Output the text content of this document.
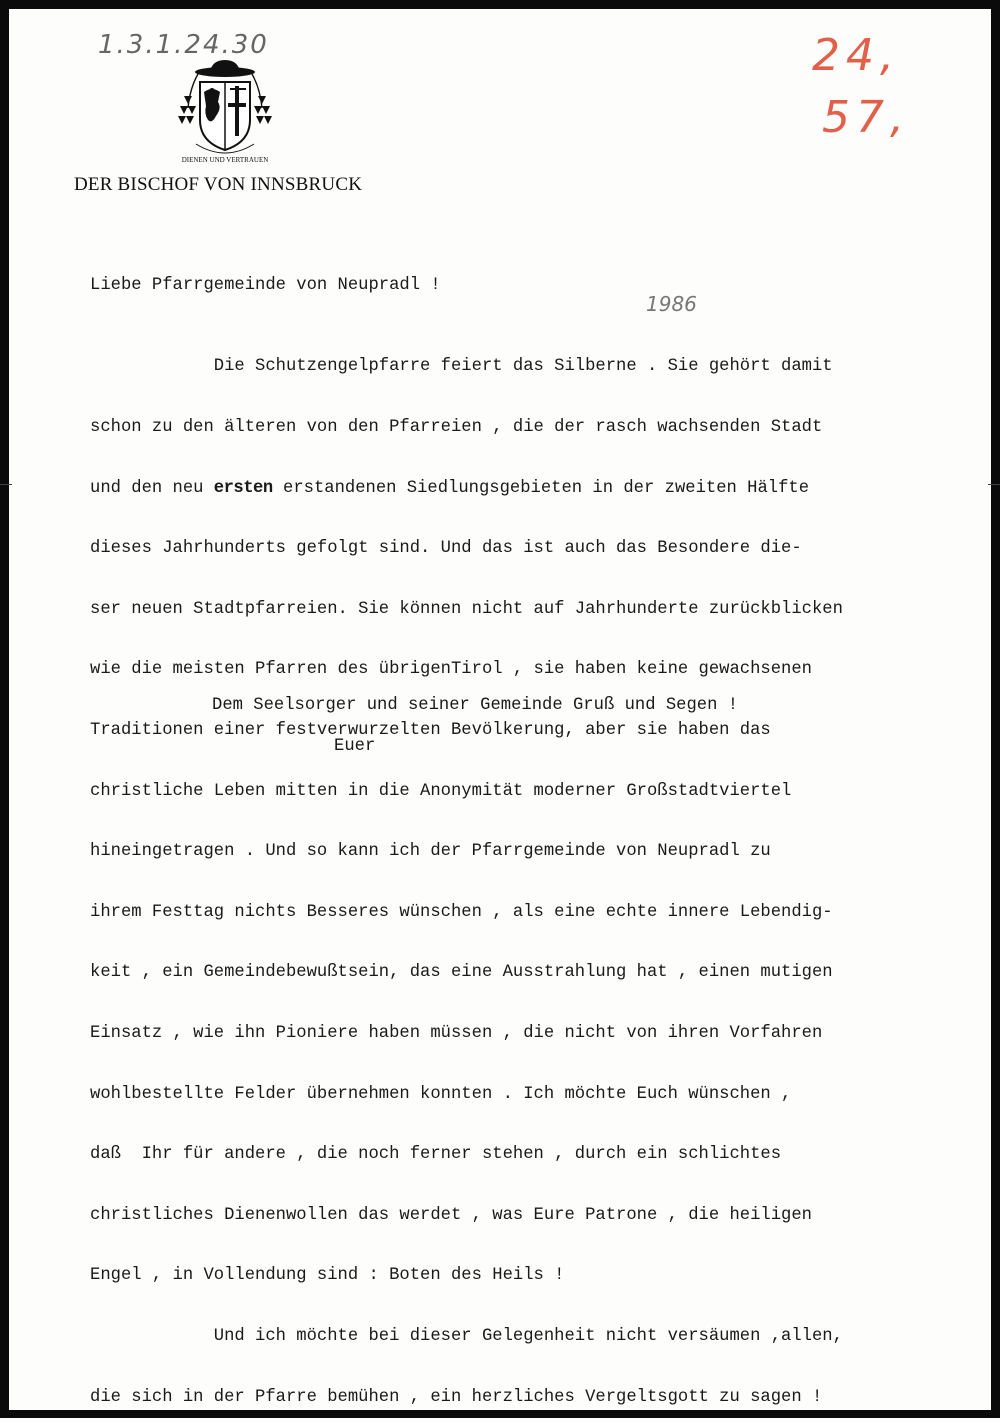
1.3.1.24.30	24,
57,
1986
DIENEN UND VERTRAUEN
DER BISCHOF VON INNSBRUCK
Liebe Pfarrgemeinde von Neupradl !

Die Schutzengelpfarre feiert das Silberne . Sie gehört damit

schon zu den älteren von den Pfarreien , die der rasch wachsenden Stadt

und den neu ersten erstandenen Siedlungsgebieten in der zweiten Hälfte

dieses Jahrhunderts gefolgt sind. Und das ist auch das Besondere die-

ser neuen Stadtpfarreien. Sie können nicht auf Jahrhunderte zurückblicken

wie die meisten Pfarren des übrigenTirol , sie haben keine gewachsenen

Traditionen einer festverwurzelten Bevölkerung, aber sie haben das

christliche Leben mitten in die Anonymität moderner Großstadtviertel

hineingetragen . Und so kann ich der Pfarrgemeinde von Neupradl zu

ihrem Festtag nichts Besseres wünschen , als eine echte innere Lebendig-

keit , ein Gemeindebewußtsein, das eine Ausstrahlung hat , einen mutigen

Einsatz , wie ihn Pioniere haben müssen , die nicht von ihren Vorfahren

wohlbestellte Felder übernehmen konnten . Ich möchte Euch wünschen ,

daß  Ihr für andere , die noch ferner stehen , durch ein schlichtes

christliches Dienenwollen das werdet , was Eure Patrone , die heiligen

Engel , in Vollendung sind : Boten des Heils !

Und ich möchte bei dieser Gelegenheit nicht versäumen ,allen,

die sich in der Pfarre bemühen , ein herzliches Vergeltsgott zu sagen !

Dem Seelsorger und seiner Gemeinde Gruß und Segen !
Euer
